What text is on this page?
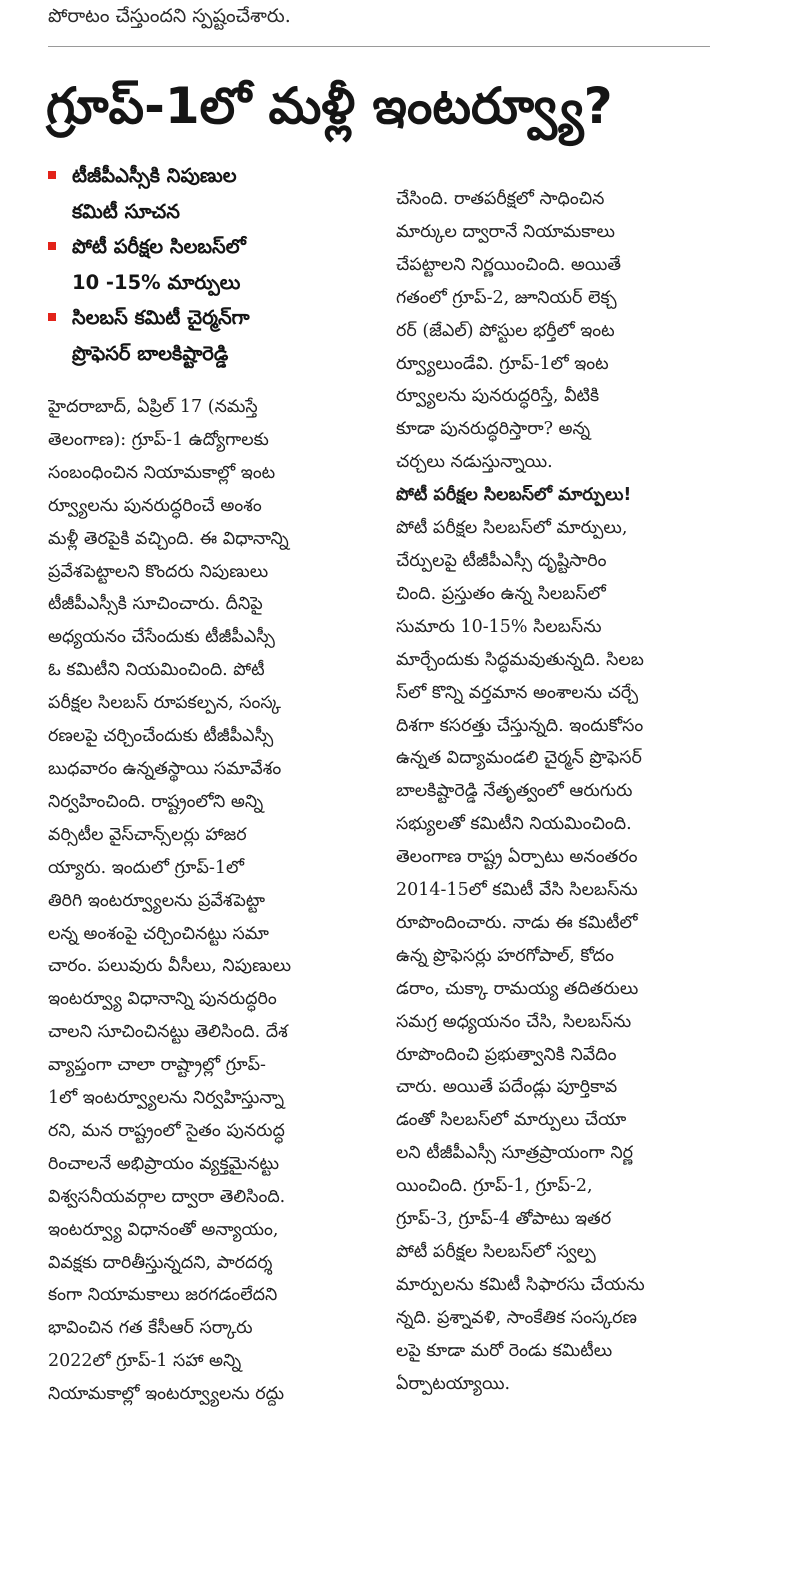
పోరాటం చేస్తుందని స్పష్టంచేశారు.
గ్రూప్-1లో మళ్లీ ఇంటర్వ్యూ?
టీజీపీఎస్సీకి నిపుణుల
కమిటీ సూచన
పోటీ పరీక్షల సిలబస్‌లో
10 -15% మార్పులు
సిలబస్ కమిటీ చైర్మన్‌గా
ప్రొఫెసర్ బాలకిష్టారెడ్డి
హైదరాబాద్, ఏప్రిల్ 17 (నమస్తే
తెలంగాణ): గ్రూప్-1 ఉద్యోగాలకు
సంబంధించిన నియామకాల్లో ఇంట
ర్వ్యూలను పునరుద్ధరించే అంశం
మళ్లీ తెరపైకి వచ్చింది. ఈ విధానాన్ని
ప్రవేశపెట్టాలని కొందరు నిపుణులు
టీజీపీఎస్సీకి సూచించారు. దీనిపై
అధ్యయనం చేసేందుకు టీజీపీఎస్సీ
ఓ కమిటీని నియమించింది. పోటీ
పరీక్షల సిలబస్ రూపకల్పన, సంస్క
రణలపై చర్చించేందుకు టీజీపీఎస్సీ
బుధవారం ఉన్నతస్థాయి సమావేశం
నిర్వహించింది. రాష్ట్రంలోని అన్ని
వర్సిటీల వైస్‌చాన్స్‌లర్లు హాజర
య్యారు. ఇందులో గ్రూప్-1లో
తిరిగి ఇంటర్వ్యూలను ప్రవేశపెట్టా
లన్న అంశంపై చర్చించినట్టు సమా
చారం. పలువురు వీసీలు, నిపుణులు
ఇంటర్వ్యూ విధానాన్ని పునరుద్ధరిం
చాలని సూచించినట్టు తెలిసింది. దేశ
వ్యాప్తంగా చాలా రాష్ట్రాల్లో గ్రూప్-
1లో ఇంటర్వ్యూలను నిర్వహిస్తున్నా
రని, మన రాష్ట్రంలో సైతం పునరుద్ధ
రించాలనే అభిప్రాయం వ్యక్తమైనట్టు
విశ్వసనీయవర్గాల ద్వారా తెలిసింది.
ఇంటర్వ్యూ విధానంతో అన్యాయం,
వివక్షకు దారితీస్తున్నదని, పారదర్శ
కంగా నియామకాలు జరగడంలేదని
భావించిన గత కేసీఆర్ సర్కారు
2022లో గ్రూప్-1 సహా అన్ని
నియామకాల్లో ఇంటర్వ్యూలను రద్దు
చేసింది. రాతపరీక్షలో సాధించిన
మార్కుల ద్వారానే నియామకాలు
చేపట్టాలని నిర్ణయించింది. అయితే
గతంలో గ్రూప్-2, జూనియర్ లెక్చ
రర్ (జేఎల్) పోస్టుల భర్తీలో ఇంట
ర్వ్యూలుండేవి. గ్రూప్-1లో ఇంట
ర్వ్యూలను పునరుద్ధరిస్తే, వీటికి
కూడా పునరుద్ధరిస్తారా? అన్న
చర్చలు నడుస్తున్నాయి.
పోటీ పరీక్షల సిలబస్‌లో మార్పులు!
పోటీ పరీక్షల సిలబస్‌లో మార్పులు,
చేర్పులపై టీజీపీఎస్సీ దృష్టిసారిం
చింది. ప్రస్తుతం ఉన్న సిలబస్‌లో
సుమారు 10-15% సిలబస్‌ను
మార్చేందుకు సిద్ధమవుతున్నది. సిలబ
స్‌లో కొన్ని వర్తమాన అంశాలను చర్చే
దిశగా కసరత్తు చేస్తున్నది. ఇందుకోసం
ఉన్నత విద్యామండలి చైర్మన్ ప్రొఫెసర్
బాలకిష్టారెడ్డి నేతృత్వంలో ఆరుగురు
సభ్యులతో కమిటీని నియమించింది.
తెలంగాణ రాష్ట్ర ఏర్పాటు అనంతరం
2014-15లో కమిటీ వేసి సిలబస్‌ను
రూపొందించారు. నాడు ఈ కమిటీలో
ఉన్న ప్రొఫెసర్లు హరగోపాల్, కోదం
డరాం, చుక్కా రామయ్య తదితరులు
సమగ్ర అధ్యయనం చేసి, సిలబస్‌ను
రూపొందించి ప్రభుత్వానికి నివేదిం
చారు. అయితే పదేండ్లు పూర్తికావ
డంతో సిలబస్‌లో మార్పులు చేయా
లని టీజీపీఎస్సీ సూత్రప్రాయంగా నిర్ణ
యించింది. గ్రూప్-1, గ్రూప్-2,
గ్రూప్-3, గ్రూప్-4 తోపాటు ఇతర
పోటీ పరీక్షల సిలబస్‌లో స్వల్ప
మార్పులను కమిటీ సిఫారసు చేయను
న్నది. ప్రశ్నావళి, సాంకేతిక సంస్కరణ
లపై కూడా మరో రెండు కమిటీలు
ఏర్పాటయ్యాయి.
